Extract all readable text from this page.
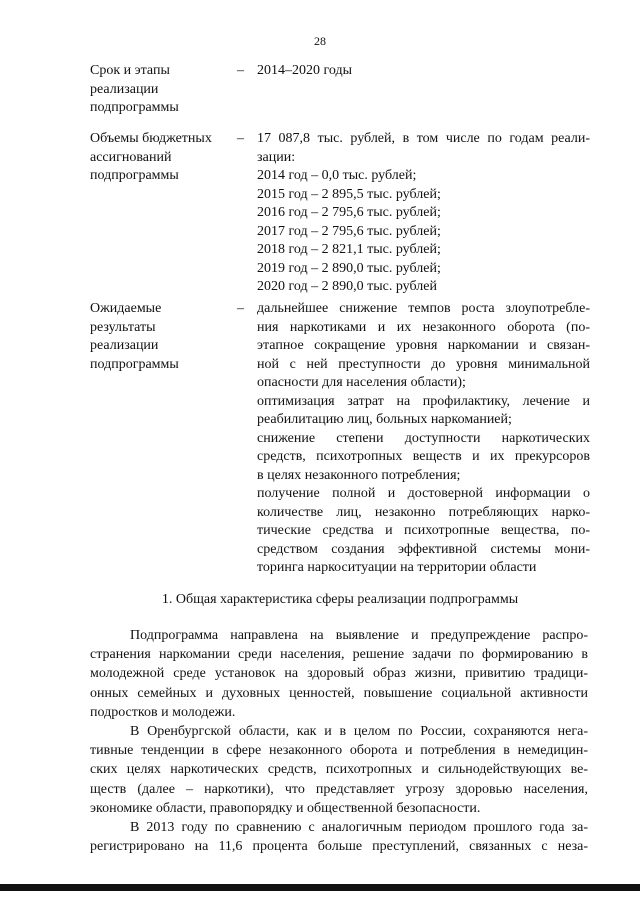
28
Срок и этапы
реализации
подпрограммы
– 2014–2020 годы
Объемы бюджетных
ассигнований
подпрограммы
– 17 087,8 тыс. рублей, в том числе по годам реали-
зации:
2014 год – 0,0 тыс. рублей;
2015 год – 2 895,5 тыс. рублей;
2016 год – 2 795,6 тыс. рублей;
2017 год – 2 795,6 тыс. рублей;
2018 год – 2 821,1 тыс. рублей;
2019 год – 2 890,0 тыс. рублей;
2020 год – 2 890,0 тыс. рублей
Ожидаемые
результаты
реализации
подпрограммы
– дальнейшее снижение темпов роста злоупотребле-
ния наркотиками и их незаконного оборота (по-
этапное сокращение уровня наркомании и связан-
ной с ней преступности до уровня минимальной
опасности для населения области);
оптимизация затрат на профилактику, лечение и
реабилитацию лиц, больных наркоманией;
снижение степени доступности наркотических
средств, психотропных веществ и их прекурсоров
в целях незаконного потребления;
получение полной и достоверной информации о
количестве лиц, незаконно потребляющих нарко-
тические средства и психотропные вещества, по-
средством создания эффективной системы мони-
торинга наркоситуации на территории области
1. Общая характеристика сферы реализации подпрограммы
Подпрограмма направлена на выявление и предупреждение распро-
странения наркомании среди населения, решение задачи по формированию в
молодежной среде установок на здоровый образ жизни, привитию традици-
онных семейных и духовных ценностей, повышение социальной активности
подростков и молодежи.
В Оренбургской области, как и в целом по России, сохраняются нега-
тивные тенденции в сфере незаконного оборота и потребления в немедицин-
ских целях наркотических средств, психотропных и сильнодействующих ве-
ществ (далее – наркотики), что представляет угрозу здоровью населения,
экономике области, правопорядку и общественной безопасности.
В 2013 году по сравнению с аналогичным периодом прошлого года за-
регистрировано на 11,6 процента больше преступлений, связанных с неза-
